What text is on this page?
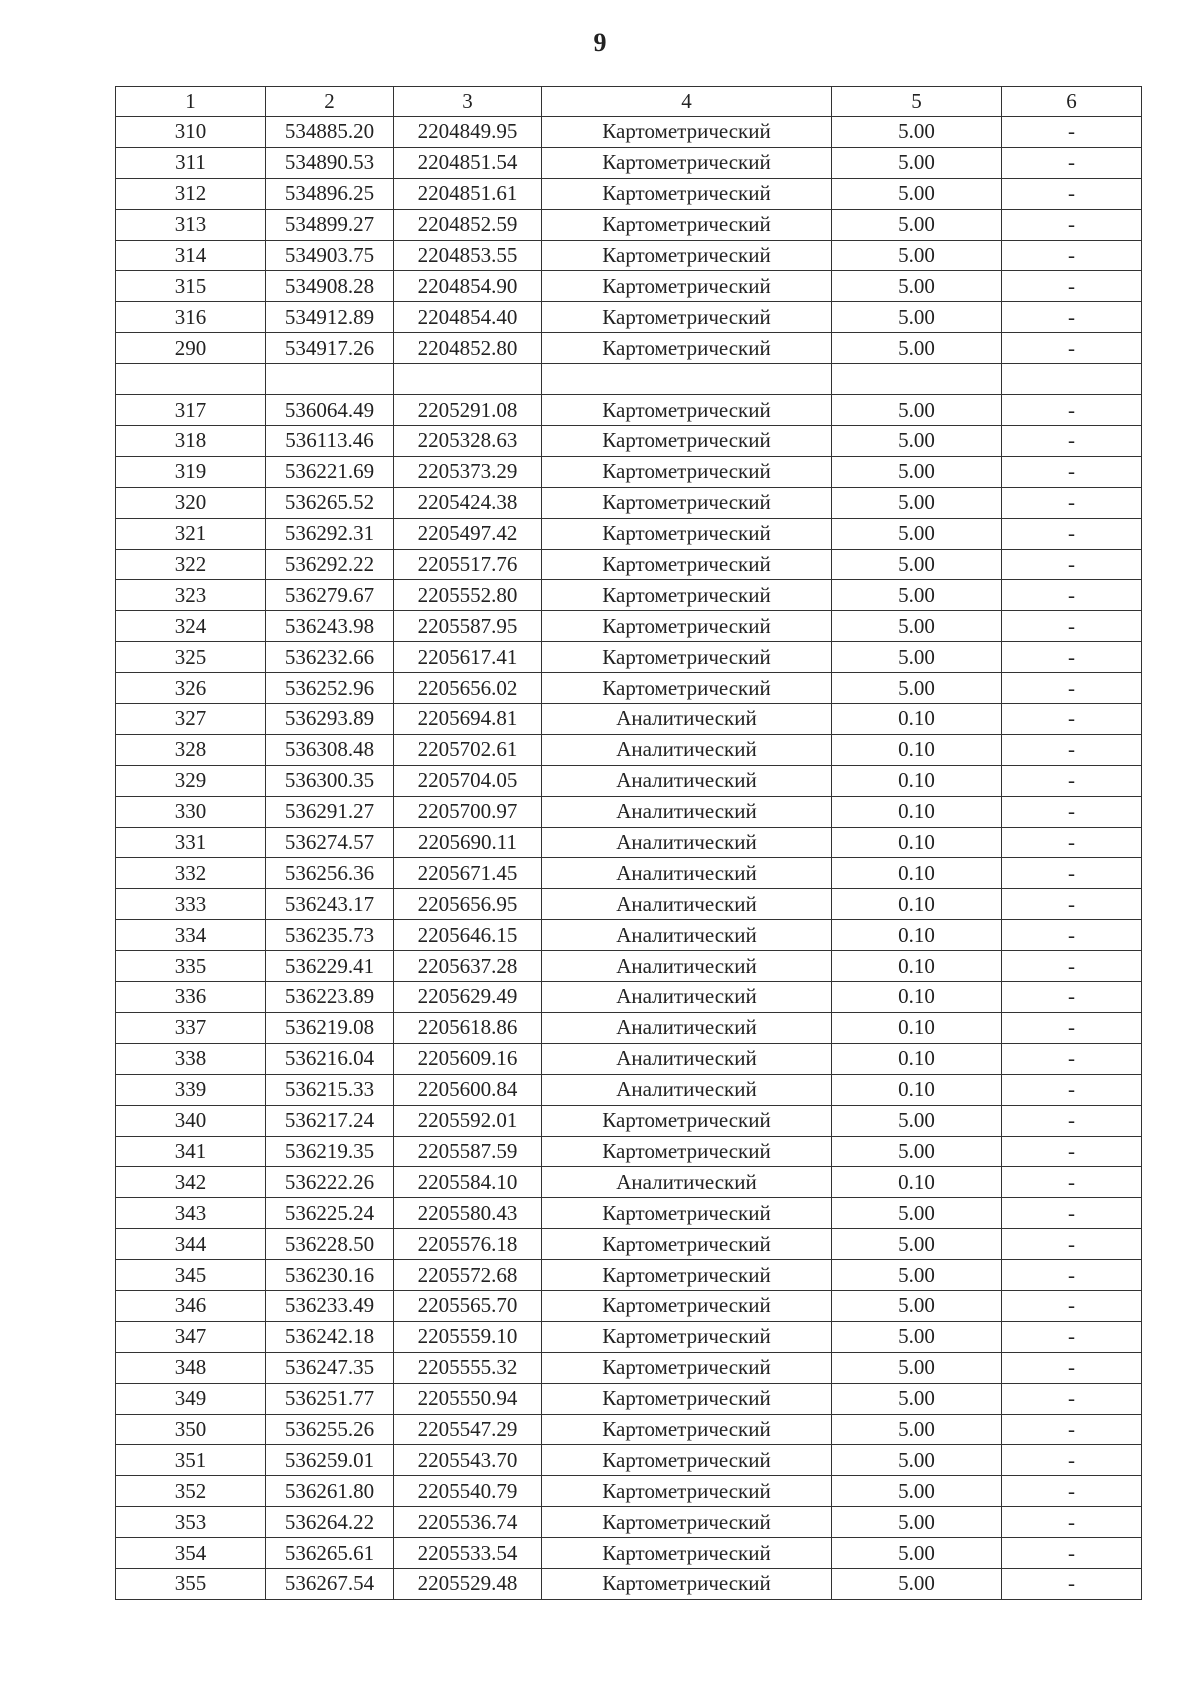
9
1	2	3	4	5	6
310	534885.20	2204849.95	Картометрический	5.00	-
311	534890.53	2204851.54	Картометрический	5.00	-
312	534896.25	2204851.61	Картометрический	5.00	-
313	534899.27	2204852.59	Картометрический	5.00	-
314	534903.75	2204853.55	Картометрический	5.00	-
315	534908.28	2204854.90	Картометрический	5.00	-
316	534912.89	2204854.40	Картометрический	5.00	-
290	534917.26	2204852.80	Картометрический	5.00	-

317	536064.49	2205291.08	Картометрический	5.00	-
318	536113.46	2205328.63	Картометрический	5.00	-
319	536221.69	2205373.29	Картометрический	5.00	-
320	536265.52	2205424.38	Картометрический	5.00	-
321	536292.31	2205497.42	Картометрический	5.00	-
322	536292.22	2205517.76	Картометрический	5.00	-
323	536279.67	2205552.80	Картометрический	5.00	-
324	536243.98	2205587.95	Картометрический	5.00	-
325	536232.66	2205617.41	Картометрический	5.00	-
326	536252.96	2205656.02	Картометрический	5.00	-
327	536293.89	2205694.81	Аналитический	0.10	-
328	536308.48	2205702.61	Аналитический	0.10	-
329	536300.35	2205704.05	Аналитический	0.10	-
330	536291.27	2205700.97	Аналитический	0.10	-
331	536274.57	2205690.11	Аналитический	0.10	-
332	536256.36	2205671.45	Аналитический	0.10	-
333	536243.17	2205656.95	Аналитический	0.10	-
334	536235.73	2205646.15	Аналитический	0.10	-
335	536229.41	2205637.28	Аналитический	0.10	-
336	536223.89	2205629.49	Аналитический	0.10	-
337	536219.08	2205618.86	Аналитический	0.10	-
338	536216.04	2205609.16	Аналитический	0.10	-
339	536215.33	2205600.84	Аналитический	0.10	-
340	536217.24	2205592.01	Картометрический	5.00	-
341	536219.35	2205587.59	Картометрический	5.00	-
342	536222.26	2205584.10	Аналитический	0.10	-
343	536225.24	2205580.43	Картометрический	5.00	-
344	536228.50	2205576.18	Картометрический	5.00	-
345	536230.16	2205572.68	Картометрический	5.00	-
346	536233.49	2205565.70	Картометрический	5.00	-
347	536242.18	2205559.10	Картометрический	5.00	-
348	536247.35	2205555.32	Картометрический	5.00	-
349	536251.77	2205550.94	Картометрический	5.00	-
350	536255.26	2205547.29	Картометрический	5.00	-
351	536259.01	2205543.70	Картометрический	5.00	-
352	536261.80	2205540.79	Картометрический	5.00	-
353	536264.22	2205536.74	Картометрический	5.00	-
354	536265.61	2205533.54	Картометрический	5.00	-
355	536267.54	2205529.48	Картометрический	5.00	-
